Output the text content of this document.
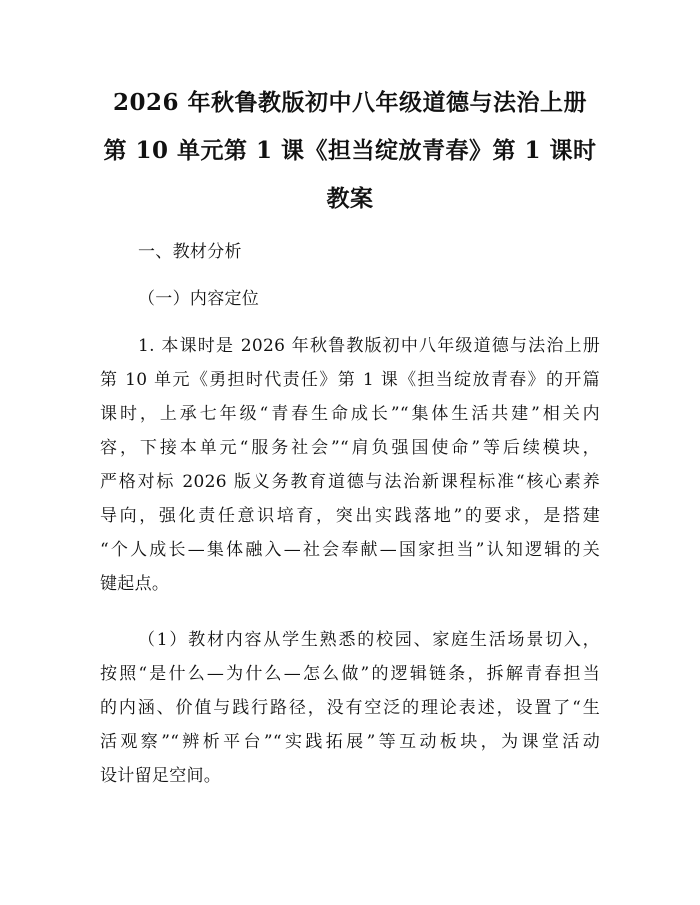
2026 年秋鲁教版初中八年级道德与法治上册
第 10 单元第 1 课《担当绽放青春》第 1 课时
教案
一、教材分析
（一）内容定位
1. 本课时是 2026 年秋鲁教版初中八年级道德与法治上册
第 10 单元《勇担时代责任》第 1 课《担当绽放青春》的开篇
课时，上承七年级“青春生命成长”“集体生活共建”相关内
容，下接本单元“服务社会”“肩负强国使命”等后续模块，
严格对标 2026 版义务教育道德与法治新课程标准“核心素养
导向，强化责任意识培育，突出实践落地”的要求，是搭建
“个人成长—集体融入—社会奉献—国家担当”认知逻辑的关
键起点。
（1）教材内容从学生熟悉的校园、家庭生活场景切入，
按照“是什么—为什么—怎么做”的逻辑链条，拆解青春担当
的内涵、价值与践行路径，没有空泛的理论表述，设置了“生
活观察”“辨析平台”“实践拓展”等互动板块，为课堂活动
设计留足空间。
